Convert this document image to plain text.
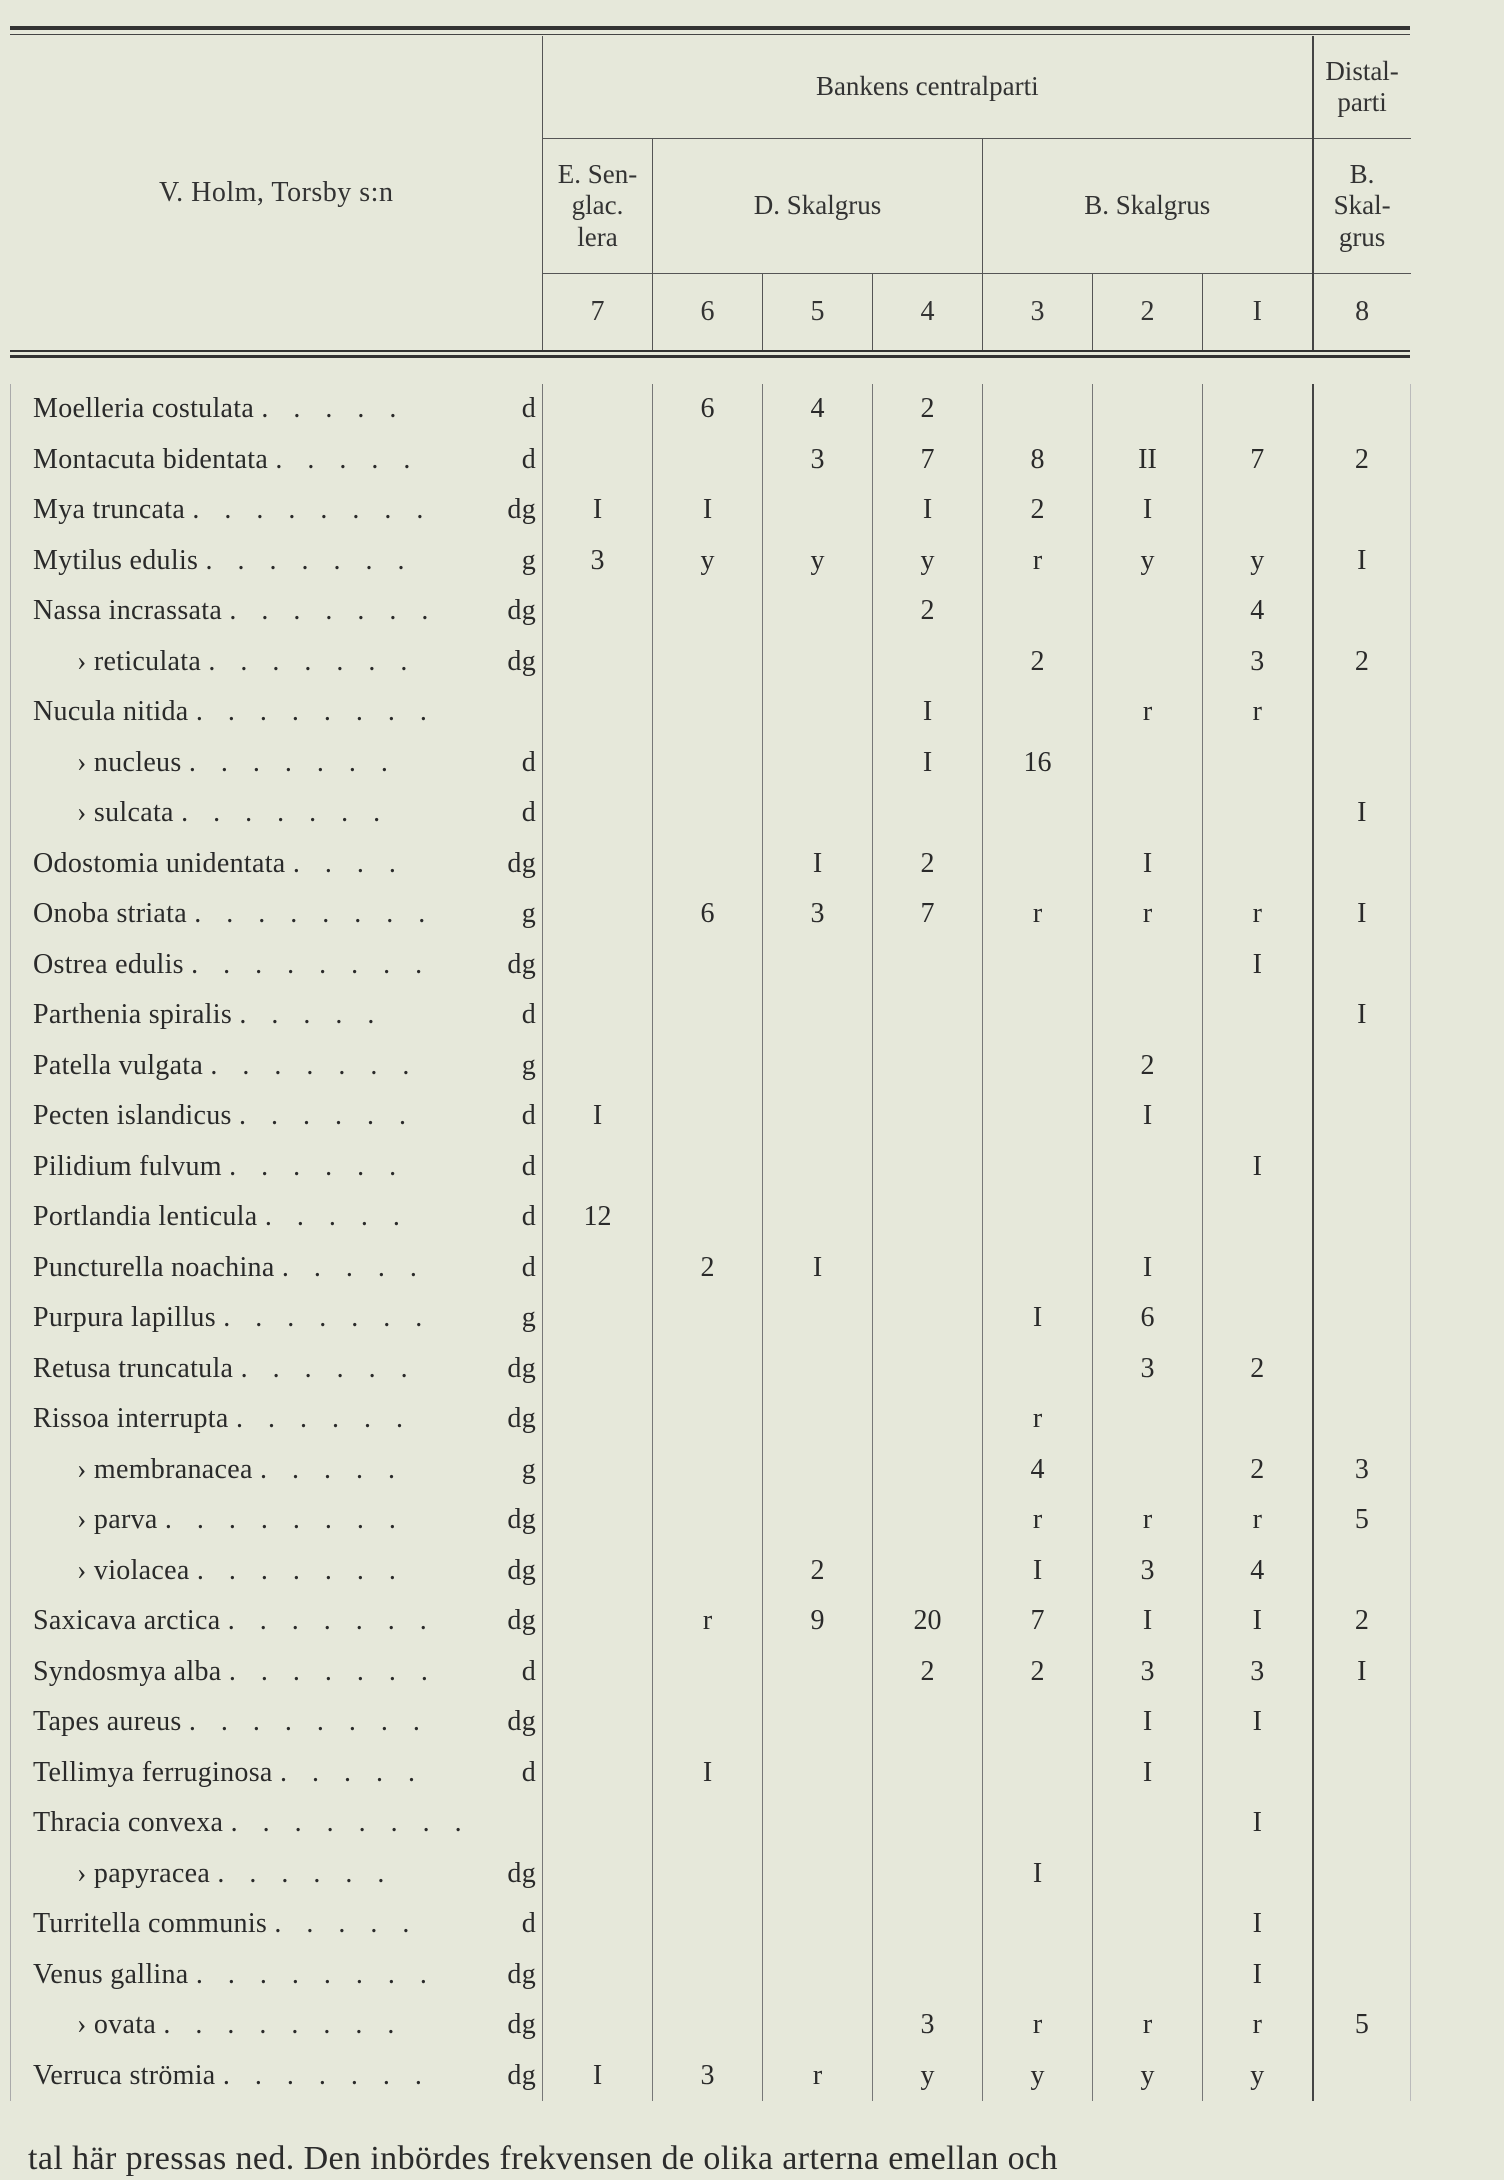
V. Holm, Torsby s:n	Bankens centralparti							Distal-
parti
	E. Sen-
glac.
lera	D. Skalgrus			B. Skalgrus			B.
Skal-
grus
	7	6	5	4	3	2	I	8

Moelleria costulata . . . . . d		6	4	2				

Montacuta bidentata . . . . . d			3	7	8	II	7	2

Mya truncata . . . . . . . . dg	I	I		I	2	I		

Mytilus edulis . . . . . . . g	3	y	y	y	r	y	y	I

Nassa incrassata . . . . . . . dg				2			4	

› reticulata . . . . . . . dg					2		3	2

Nucula nitida . . . . . . . .				I		r	r	

› nucleus . . . . . . . d				I	16			

› sulcata . . . . . . . d								I

Odostomia unidentata . . . . dg			I	2		I		

Onoba striata . . . . . . . . g		6	3	7	r	r	r	I

Ostrea edulis . . . . . . . . dg							I	

Parthenia spiralis . . . . . d								I

Patella vulgata . . . . . . . g						2		

Pecten islandicus . . . . . . d	I					I		

Pilidium fulvum . . . . . . d							I	

Portlandia lenticula . . . . . d	12							

Puncturella noachina . . . . . d		2	I			I		

Purpura lapillus . . . . . . . g					I	6		

Retusa truncatula . . . . . . dg						3	2	

Rissoa interrupta . . . . . . dg					r			

› membranacea . . . . . g					4		2	3

› parva . . . . . . . . dg					r	r	r	5

› violacea . . . . . . . dg			2		I	3	4	

Saxicava arctica . . . . . . . dg		r	9	20	7	I	I	2

Syndosmya alba . . . . . . . d				2	2	3	3	I

Tapes aureus . . . . . . . . dg						I	I	

Tellimya ferruginosa . . . . . d		I				I		

Thracia convexa . . . . . . . .							I	

› papyracea . . . . . . dg					I			

Turritella communis . . . . . d							I	

Venus gallina . . . . . . . . dg							I	

› ovata . . . . . . . . dg				3	r	r	r	5

Verruca strömia . . . . . . . dg	I	3	r	y	y	y	y	
tal här pressas ned. Den inbördes frekvensen de olika arterna emellan och
